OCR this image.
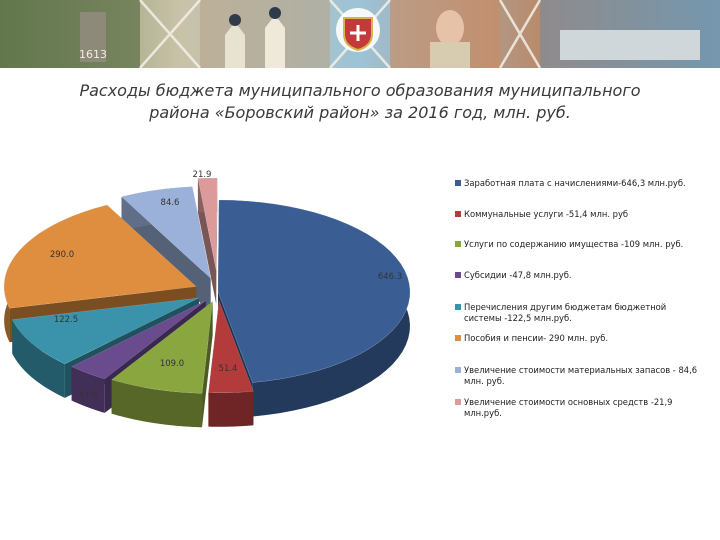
1613
Расходы бюджета муниципального образования муниципального
района «Боровский район» за 2016 год, млн. руб.
646.3
51.4
109.0
47.8
122.5
290.0
84.6
21.9
Заработная плата с начислениями-646,3 млн.руб.
Коммунальные услуги -51,4 млн. руб
Услуги по содержанию имущества -109 млн. руб.
Субсидии -47,8 млн.руб.
Перечисления другим бюджетам бюджетной системы -122,5 млн.руб.
Пособия и пенсии- 290 млн. руб.
Увеличение стоимости материальных запасов - 84,6 млн. руб.
Увеличение стоимости основных средств -21,9 млн.руб.
